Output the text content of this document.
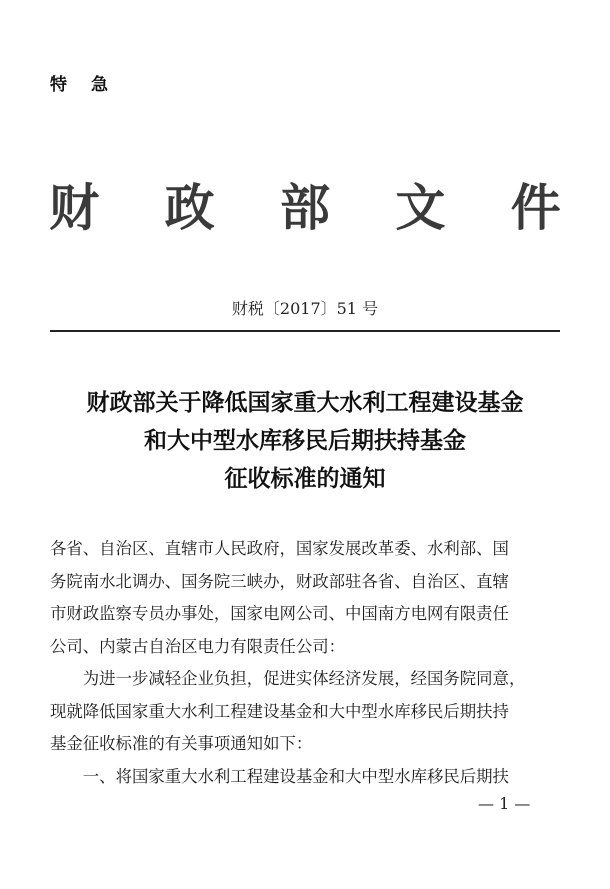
特 急
财 政 部 文 件
财税〔2017〕51 号
财政部关于降低国家重大水利工程建设基金
和大中型水库移民后期扶持基金
征收标准的通知

各省、自治区、直辖市人民政府，国家发展改革委、水利部、国

务院南水北调办、国务院三峡办，财政部驻各省、自治区、直辖

市财政监察专员办事处，国家电网公司、中国南方电网有限责任

公司、内蒙古自治区电力有限责任公司：

为进一步减轻企业负担，促进实体经济发展，经国务院同意，

现就降低国家重大水利工程建设基金和大中型水库移民后期扶持

基金征收标准的有关事项通知如下：

一、将国家重大水利工程建设基金和大中型水库移民后期扶

— 1 —
